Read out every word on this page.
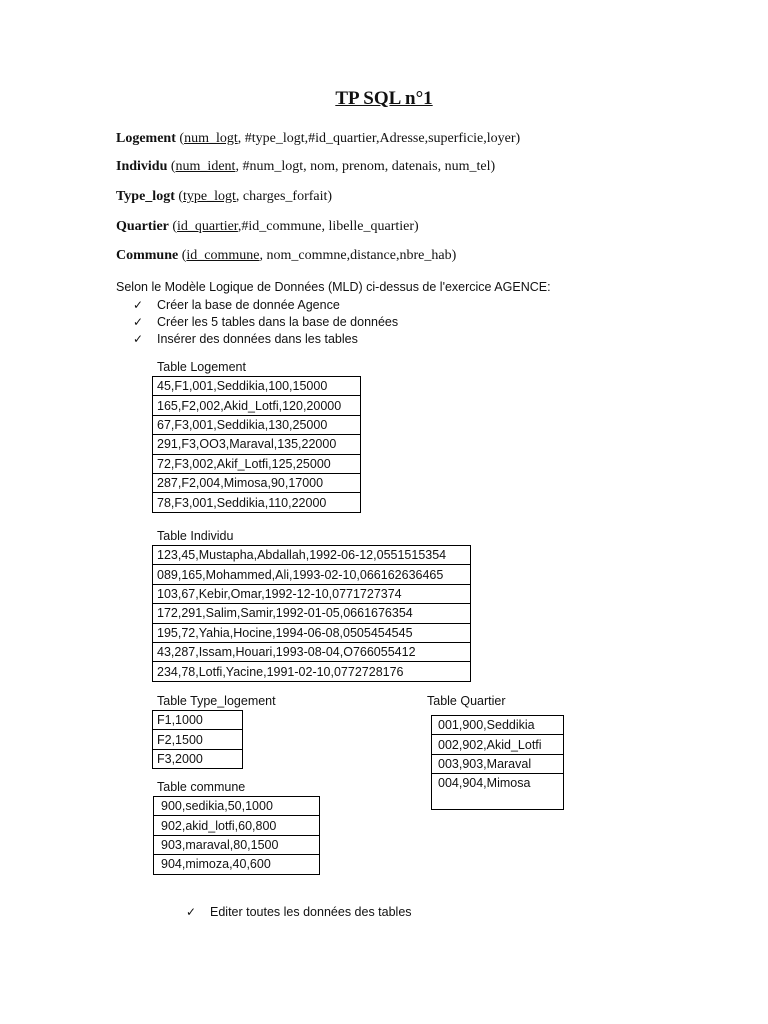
TP SQL n°1
Logement (num_logt, #type_logt,#id_quartier,Adresse,superficie,loyer)
Individu (num_ident, #num_logt, nom, prenom, datenais, num_tel)
Type_logt (type_logt, charges_forfait)
Quartier (id_quartier,#id_commune, libelle_quartier)
Commune (id_commune, nom_commne,distance,nbre_hab)
Selon le Modèle Logique de Données (MLD) ci-dessus de l'exercice AGENCE:
✓	Créer la base de donnée Agence
✓	Créer les 5 tables dans la base de données
✓	Insérer des données dans les tables
Table Logement
45,F1,001,Seddikia,100,15000
165,F2,002,Akid_Lotfi,120,20000
67,F3,001,Seddikia,130,25000
291,F3,OO3,Maraval,135,22000
72,F3,002,Akif_Lotfi,125,25000
287,F2,004,Mimosa,90,17000
78,F3,001,Seddikia,110,22000
Table Individu
123,45,Mustapha,Abdallah,1992-06-12,0551515354
089,165,Mohammed,Ali,1993-02-10,066162636465
103,67,Kebir,Omar,1992-12-10,0771727374
172,291,Salim,Samir,1992-01-05,0661676354
195,72,Yahia,Hocine,1994-06-08,0505454545
43,287,Issam,Houari,1993-08-04,O766055412
234,78,Lotfi,Yacine,1991-02-10,0772728176
Table Type_logement
F1,1000
F2,1500
F3,2000
Table Quartier
001,900,Seddikia
002,902,Akid_Lotfi
003,903,Maraval
004,904,Mimosa
Table commune
900,sedikia,50,1000
902,akid_lotfi,60,800
903,maraval,80,1500
904,mimoza,40,600
✓	Editer toutes les données des tables
